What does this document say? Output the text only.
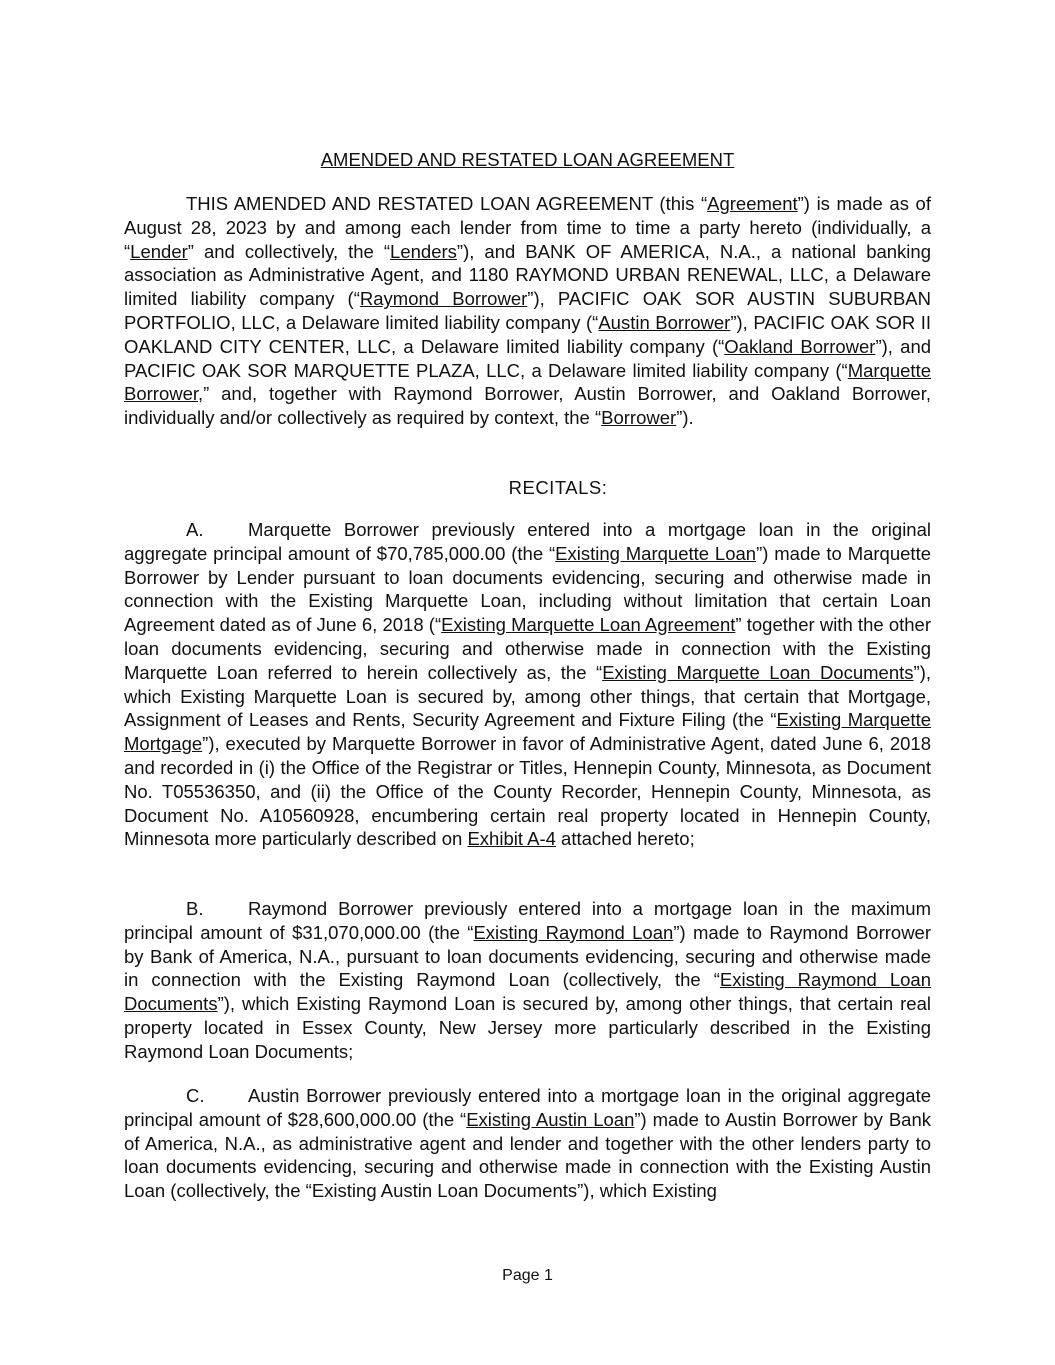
AMENDED AND RESTATED LOAN AGREEMENT

THIS AMENDED AND RESTATED LOAN AGREEMENT (this “Agreement”) is made as of August 28, 2023 by and among each lender from time to time a party hereto (individually, a “Lender” and collectively, the “Lenders”), and BANK OF AMERICA, N.A., a national banking association as Administrative Agent, and 1180 RAYMOND URBAN RENEWAL, LLC, a Delaware limited liability company (“Raymond Borrower”), PACIFIC OAK SOR AUSTIN SUBURBAN PORTFOLIO, LLC, a Delaware limited liability company (“Austin Borrower”), PACIFIC OAK SOR II OAKLAND CITY CENTER, LLC, a Delaware limited liability company (“Oakland Borrower”), and PACIFIC OAK SOR MARQUETTE PLAZA, LLC, a Delaware limited liability company (“Marquette Borrower,” and, together with Raymond Borrower, Austin Borrower, and Oakland Borrower, individually and/or collectively as required by context, the “Borrower”).

RECITALS:

A. Marquette Borrower previously entered into a mortgage loan in the original aggregate principal amount of $70,785,000.00 (the “Existing Marquette Loan”) made to Marquette Borrower by Lender pursuant to loan documents evidencing, securing and otherwise made in connection with the Existing Marquette Loan, including without limitation that certain Loan Agreement dated as of June 6, 2018 (“Existing Marquette Loan Agreement” together with the other loan documents evidencing, securing and otherwise made in connection with the Existing Marquette Loan referred to herein collectively as, the “Existing Marquette Loan Documents”), which Existing Marquette Loan is secured by, among other things, that certain that Mortgage, Assignment of Leases and Rents, Security Agreement and Fixture Filing (the “Existing Marquette Mortgage”), executed by Marquette Borrower in favor of Administrative Agent, dated June 6, 2018 and recorded in (i) the Office of the Registrar or Titles, Hennepin County, Minnesota, as Document No. T05536350, and (ii) the Office of the County Recorder, Hennepin County, Minnesota, as Document No. A10560928, encumbering certain real property located in Hennepin County, Minnesota more particularly described on Exhibit A-4 attached hereto;

B. Raymond Borrower previously entered into a mortgage loan in the maximum principal amount of $31,070,000.00 (the “Existing Raymond Loan”) made to Raymond Borrower by Bank of America, N.A., pursuant to loan documents evidencing, securing and otherwise made in connection with the Existing Raymond Loan (collectively, the “Existing Raymond Loan Documents”), which Existing Raymond Loan is secured by, among other things, that certain real property located in Essex County, New Jersey more particularly described in the Existing Raymond Loan Documents;

C. Austin Borrower previously entered into a mortgage loan in the original aggregate principal amount of $28,600,000.00 (the “Existing Austin Loan”) made to Austin Borrower by Bank of America, N.A., as administrative agent and lender and together with the other lenders party to loan documents evidencing, securing and otherwise made in connection with the Existing Austin Loan (collectively, the “Existing Austin Loan Documents”), which Existing

Page 1
